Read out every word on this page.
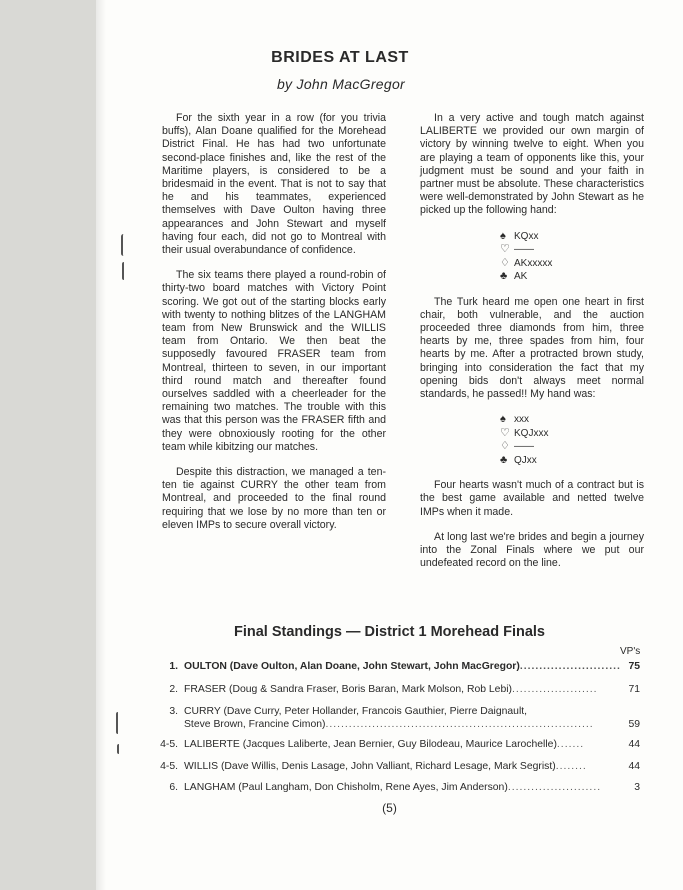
BRIDES AT LAST
by John MacGregor

For the sixth year in a row (for you trivia buffs), Alan Doane qualified for the Morehead District Final. He has had two unfortunate second-place finishes and, like the rest of the Maritime players, is considered to be a bridesmaid in the event. That is not to say that he and his teammates, experienced themselves with Dave Oulton having three appearances and John Stewart and myself having four each, did not go to Montreal with their usual overabundance of confidence.

The six teams there played a round-robin of thirty-two board matches with Victory Point scoring. We got out of the starting blocks early with twenty to nothing blitzes of the LANGHAM team from New Brunswick and the WILLIS team from Ontario. We then beat the supposedly favoured FRASER team from Montreal, thirteen to seven, in our important third round match and thereafter found ourselves saddled with a cheerleader for the remaining two matches. The trouble with this was that this person was the FRASER fifth and they were obnoxiously rooting for the other team while kibitzing our matches.

Despite this distraction, we managed a ten-ten tie against CURRY the other team from Montreal, and proceeded to the final round requiring that we lose by no more than ten or eleven IMPs to secure overall victory.

In a very active and tough match against LALIBERTE we provided our own margin of victory by winning twelve to eight. When you are playing a team of opponents like this, your judgment must be sound and your faith in partner must be absolute. These characteristics were well-demonstrated by John Stewart as he picked up the following hand:

♠ KQxx
♡ ——
♢ AKxxxxx
♣ AK

The Turk heard me open one heart in first chair, both vulnerable, and the auction proceeded three diamonds from him, three hearts by me, three spades from him, four hearts by me. After a protracted brown study, bringing into consideration the fact that my opening bids don't always meet normal standards, he passed!! My hand was:

♠ xxx
♡ KQJxxx
♢ ——
♣ QJxx

Four hearts wasn't much of a contract but is the best game available and netted twelve IMPs when it made.

At long last we're brides and begin a journey into the Zonal Finals where we put our undefeated record on the line.

Final Standings — District 1 Morehead Finals
VP's
1. OULTON (Dave Oulton, Alan Doane, John Stewart, John MacGregor).......................... 75
2. FRASER (Doug & Sandra Fraser, Boris Baran, Mark Molson, Rob Lebi)......................	71
3. CURRY (Dave Curry, Peter Hollander, Francois Gauthier, Pierre Daignault,
Steve Brown, Francine Cimon).....................................................................	59
4-5. LALIBERTE (Jacques Laliberte, Jean Bernier, Guy Bilodeau, Maurice Larochelle).......	44
4-5. WILLIS (Dave Willis, Denis Lasage, John Valliant, Richard Lesage, Mark Segrist)........	44
6. LANGHAM (Paul Langham, Don Chisholm, Rene Ayes, Jim Anderson)........................	3
(5)
